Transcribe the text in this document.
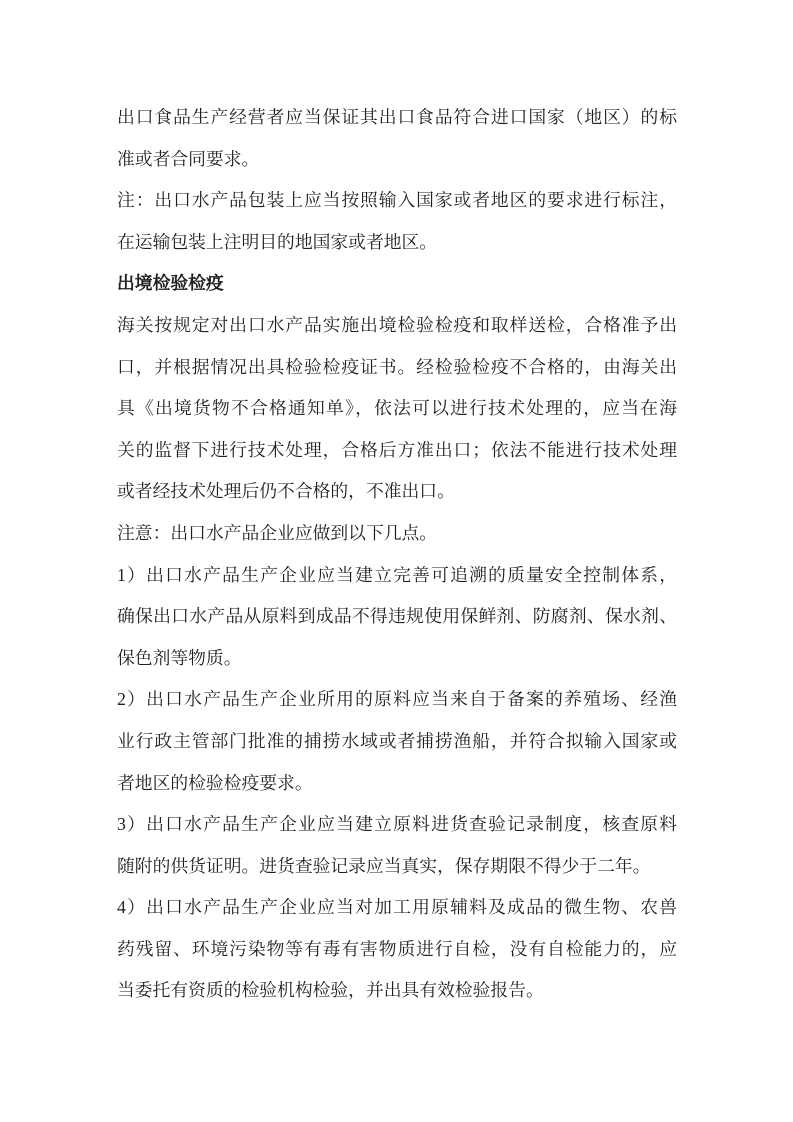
出口食品生产经营者应当保证其出口食品符合进口国家（地区）的标
准或者合同要求。
注：出口水产品包装上应当按照输入国家或者地区的要求进行标注，
在运输包装上注明目的地国家或者地区。
出境检验检疫
海关按规定对出口水产品实施出境检验检疫和取样送检，合格准予出
口，并根据情况出具检验检疫证书。经检验检疫不合格的，由海关出
具《出境货物不合格通知单》，依法可以进行技术处理的，应当在海
关的监督下进行技术处理，合格后方准出口；依法不能进行技术处理
或者经技术处理后仍不合格的，不准出口。
注意：出口水产品企业应做到以下几点。
1）出口水产品生产企业应当建立完善可追溯的质量安全控制体系，
确保出口水产品从原料到成品不得违规使用保鲜剂、防腐剂、保水剂、
保色剂等物质。
2）出口水产品生产企业所用的原料应当来自于备案的养殖场、经渔
业行政主管部门批准的捕捞水域或者捕捞渔船，并符合拟输入国家或
者地区的检验检疫要求。
3）出口水产品生产企业应当建立原料进货查验记录制度，核查原料
随附的供货证明。进货查验记录应当真实，保存期限不得少于二年。
4）出口水产品生产企业应当对加工用原辅料及成品的微生物、农兽
药残留、环境污染物等有毒有害物质进行自检，没有自检能力的，应
当委托有资质的检验机构检验，并出具有效检验报告。
